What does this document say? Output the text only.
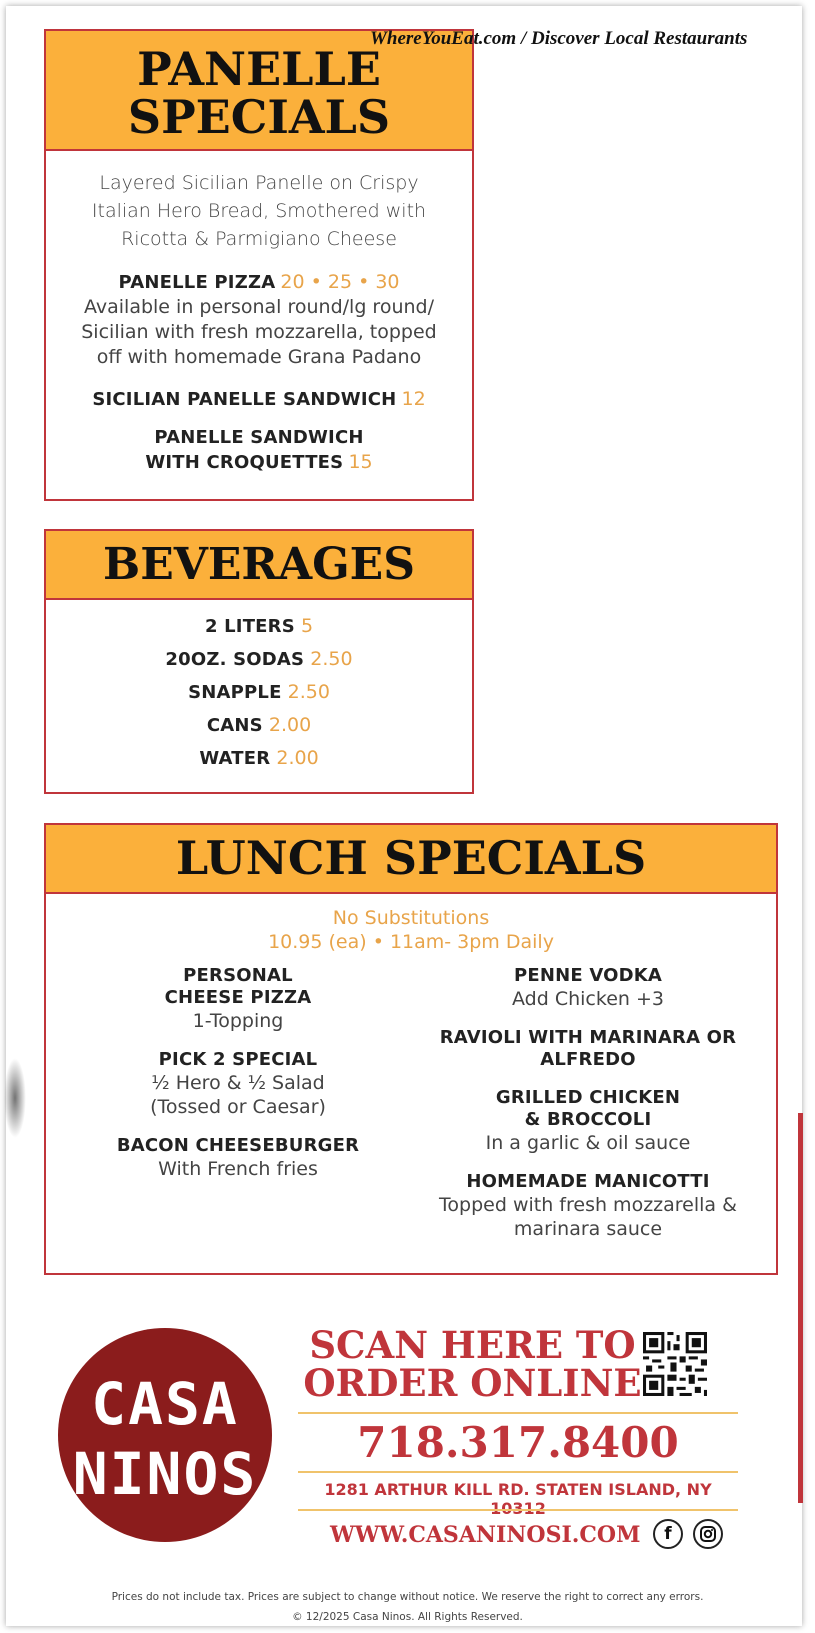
WhereYouEat.com / Discover Local Restaurants
PANELLE
SPECIALS
Layered Sicilian Panelle on Crispy Italian Hero Bread, Smothered with Ricotta & Parmigiano Cheese
PANELLE PIZZA 20 • 25 • 30
Available in personal round/lg round/ Sicilian with fresh mozzarella, topped off with homemade Grana Padano
SICILIAN PANELLE SANDWICH 12
PANELLE SANDWICH
WITH CROQUETTES 15
BEVERAGES
2 LITERS 5
20OZ. SODAS 2.50
SNAPPLE 2.50
CANS 2.00
WATER 2.00
LUNCH SPECIALS
No Substitutions
10.95 (ea) • 11am- 3pm Daily
PERSONAL
CHEESE PIZZA
1-Topping
PICK 2 SPECIAL
½ Hero & ½ Salad
(Tossed or Caesar)
BACON CHEESEBURGER
With French fries
PENNE VODKA
Add Chicken +3
RAVIOLI WITH MARINARA OR
ALFREDO
GRILLED CHICKEN
& BROCCOLI
In a garlic & oil sauce
HOMEMADE MANICOTTI
Topped with fresh mozzarella &
marinara sauce
CASA
NINOS
SCAN HERE TO
ORDER ONLINE
718.317.8400
1281 ARTHUR KILL RD. STATEN ISLAND, NY
WWW.CASANINOSI.COM	f
Prices do not include tax. Prices are subject to change without notice. We reserve the right to correct any errors.
© 12/2025 Casa Ninos. All Rights Reserved.
